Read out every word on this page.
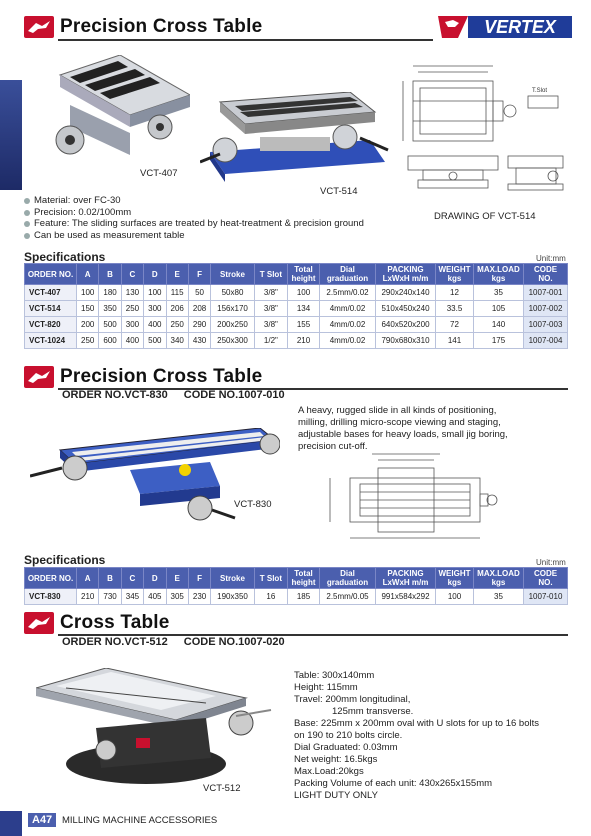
Precision Cross Table	VERTEX
VCT-407
VCT-514
T.Slot
DRAWING OF VCT-514
Material: over FC-30
Precision: 0.02/100mm
Feature: The sliding surfaces are treated by heat-treatment & precision ground
Can be used as measurement table
Specifications	Unit:mm
ORDER NO.	A	B	C	D	E	F	Stroke	T Slot	Total height	Dial graduation	PACKING LxWxH m/m	WEIGHT kgs	MAX.LOAD kgs	CODE NO.
VCT-407	100	180	130	100	115	50	50x80	3/8"	100	2.5mm/0.02	290x240x140	12	35	1007-001
VCT-514	150	350	250	300	206	208	156x170	3/8"	134	4mm/0.02	510x450x240	33.5	105	1007-002
VCT-820	200	500	300	400	250	290	200x250	3/8"	155	4mm/0.02	640x520x200	72	140	1007-003
VCT-1024	250	600	400	500	340	430	250x300	1/2"	210	4mm/0.02	790x680x310	141	175	1007-004
Precision Cross Table
ORDER NO.VCT-830 CODE NO.1007-010
A heavy, rugged slide in all kinds of positioning, milling, drilling micro-scope viewing and staging, adjustable bases for heavy loads, small jig boring, precision cut-off.
VCT-830
Specifications	Unit:mm
ORDER NO.	A	B	C	D	E	F	Stroke	T Slot	Total height	Dial graduation	PACKING LxWxH m/m	WEIGHT kgs	MAX.LOAD kgs	CODE NO.
VCT-830	210	730	345	405	305	230	190x350	16	185	2.5mm/0.05	991x584x292	100	35	1007-010
Cross Table
ORDER NO.VCT-512 CODE NO.1007-020
VCT-512
Table: 300x140mm
Height: 115mm
Travel: 200mm longitudinal,
125mm transverse.
Base: 225mm x 200mm oval with U slots for up to 16 bolts
on 190 to 210 bolts circle.
Dial Graduated: 0.03mm
Net weight: 16.5kgs
Max.Load:20kgs
Packing Volume of each unit: 430x265x155mm
LIGHT DUTY ONLY
A47	MILLING MACHINE ACCESSORIES
